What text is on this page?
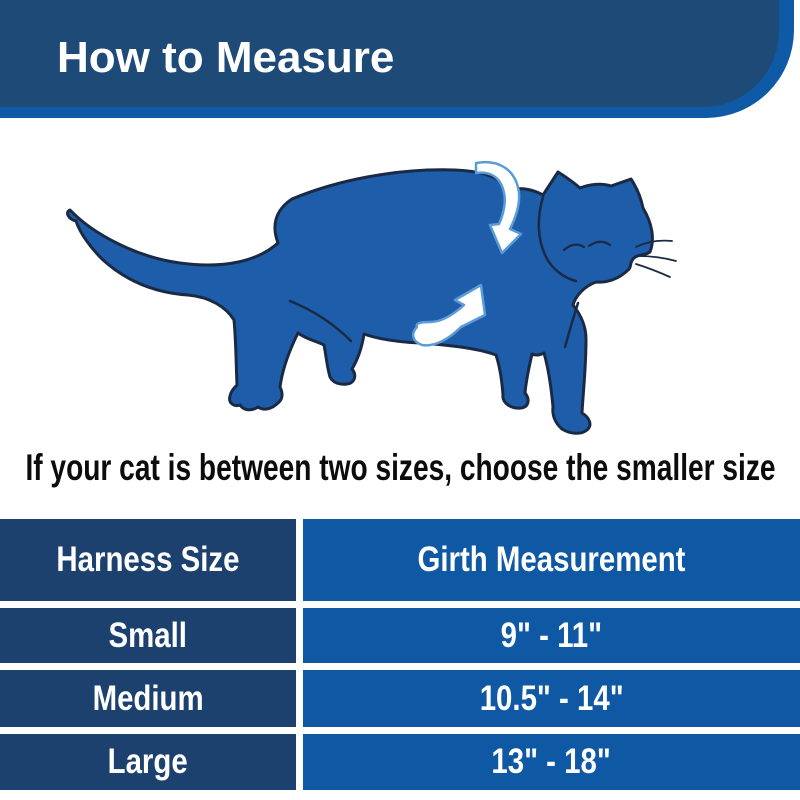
How to Measure
If your cat is between two sizes, choose the smaller size
Harness Size	Girth Measurement
Small	9" - 11"
Medium	10.5" - 14"
Large	13" - 18"
